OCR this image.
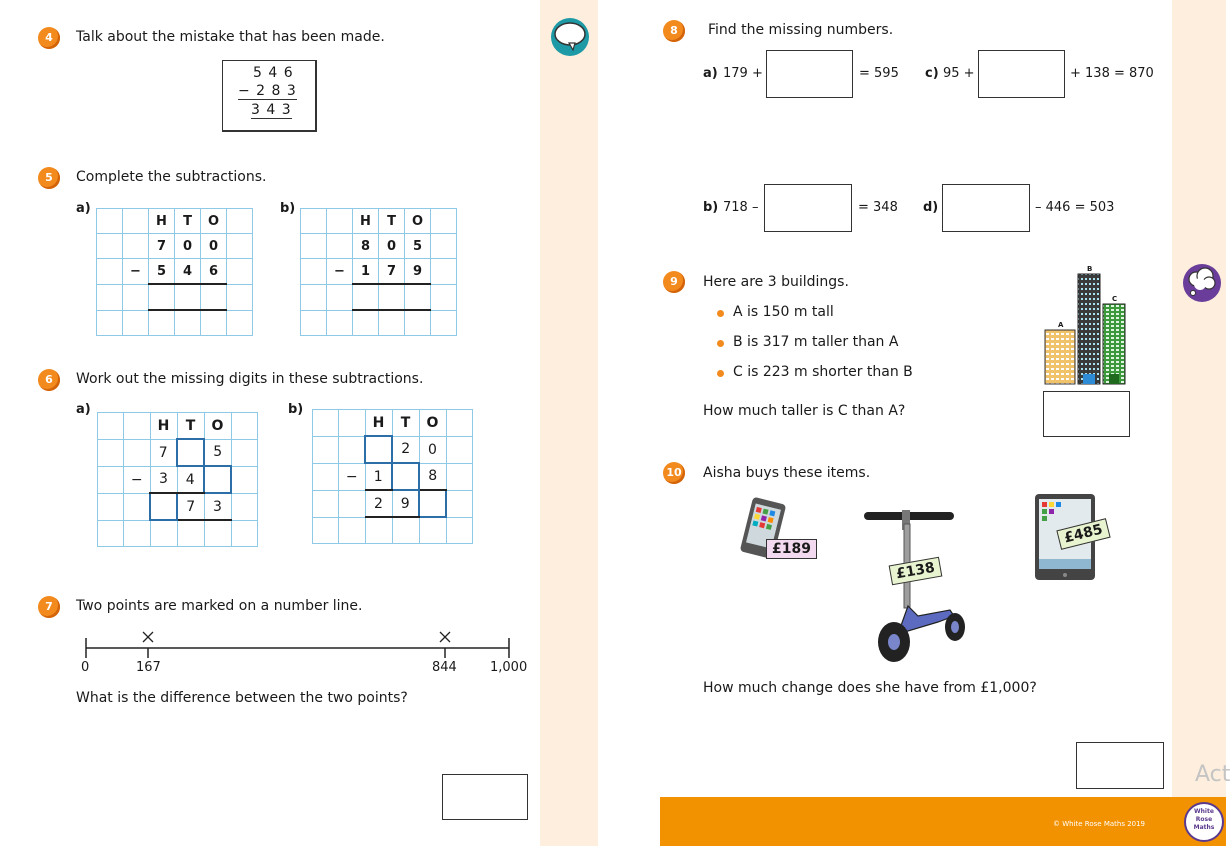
4	Talk about the mistake that has been made.
5 4 6
− 2 8 3
3 4 3
5	Complete the subtractions.
a)
		H	T	O	
		7	0	0	
	−	5	4	6	

b)
		H	T	O	
		8	0	5	
	−	1	7	9	

6	Work out the missing digits in these subtractions.
a)
		H	T	O	
		7		5	
	−	3	4		
			7	3	

b)
		H	T	O	
			2	0	
	−	1		8	
		2	9		

7	Two points are marked on a number line.
0	167	844	1,000
What is the difference between the two points?
8	Find the missing numbers.
a) 179 +	= 595 c) 95 +	+ 138 = 870
b) 718 –	= 348 d)	– 446 = 503
9	Here are 3 buildings.
A is 150 m tall
B is 317 m taller than A
C is 223 m shorter than B
How much taller is C than A?
A
B
C
10 Aisha buys these items.
£189
£138
£485
How much change does she have from £1,000?
Act
© White Rose Maths 2019
White
Rose
Maths
